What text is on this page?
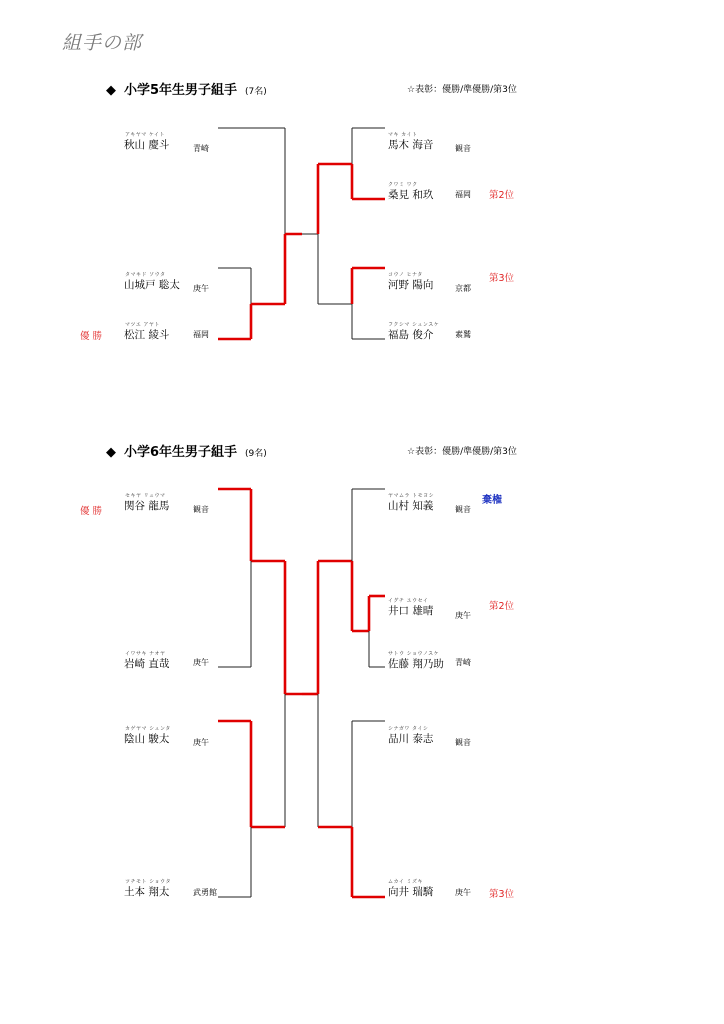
組手の部
◆ 小学5年生男子組手 (7名)	☆表彰：優勝/準優勝/第3位
アキヤマ ケイト
秋山 慶斗	青崎
タマキド ソウタ
山城戸 聡太 庚午
優 勝
マツエ アヤト
松江 綾斗	福岡
マキ カイト
馬木 海音	観音
クワミ ワク
桑見 和玖	福岡 第2位
第3位
コウノ ヒナタ
河野 陽向	京都
フクシマ シュンスケ
福島 俊介	素鷲
◆ 小学6年生男子組手 (9名)	☆表彰：優勝/準優勝/第3位
優 勝
セキヤ リュウマ
関谷 龍馬	観音
イワサキ ナオヤ
岩崎 直哉	庚午
カゲヤマ シュンタ
陰山 駿太	庚午
ツチモト ショウタ
土本 翔太	武勇館
ヤマムラ トモヨシ
山村 知義	観音
棄権
第2位
イグチ ユウセイ
井口 雄晴	庚午
サトウ ショウノスケ
佐藤 翔乃助 青崎
シナガワ タイシ
品川 泰志	観音
第3位
ムカイ ミズキ
向井 瑞騎	庚午
